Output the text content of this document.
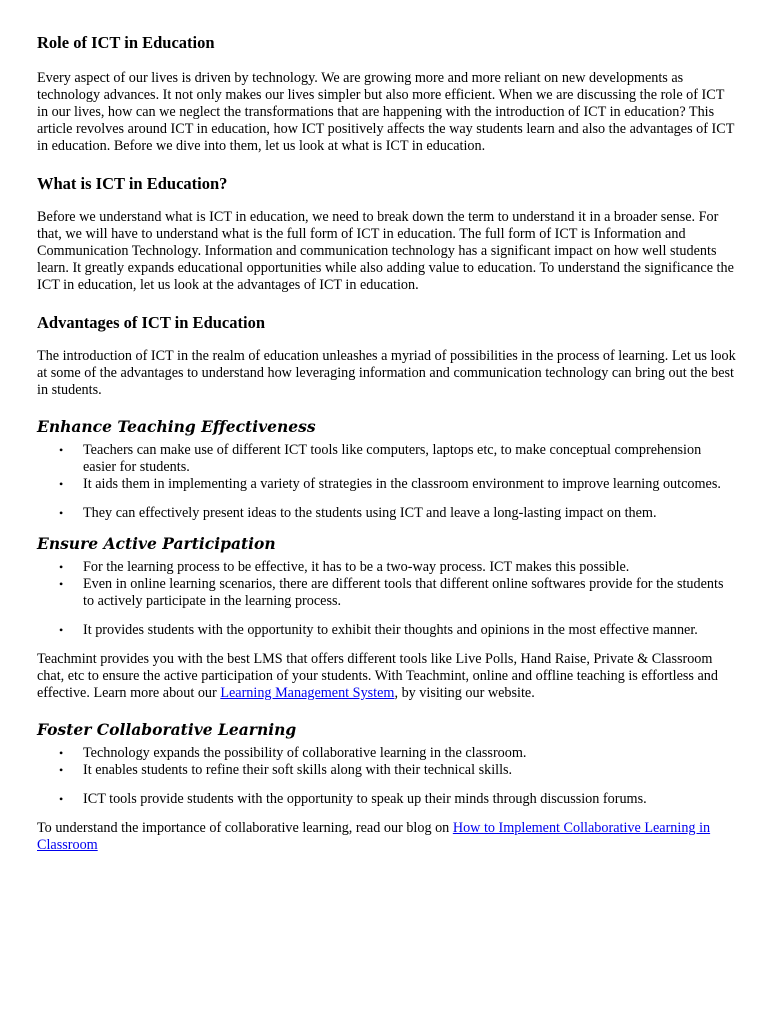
Role of ICT in Education

Every aspect of our lives is driven by technology. We are growing more and more reliant on new developments as technology advances. It not only makes our lives simpler but also more efficient. When we are discussing the role of ICT in our lives, how can we neglect the transformations that are happening with the introduction of ICT in education? This article revolves around ICT in education, how ICT positively affects the way students learn and also the advantages of ICT in education. Before we dive into them, let us look at what is ICT in education.

What is ICT in Education?

Before we understand what is ICT in education, we need to break down the term to understand it in a broader sense. For that, we will have to understand what is the full form of ICT in education. The full form of ICT is Information and Communication Technology. Information and communication technology has a significant impact on how well students learn. It greatly expands educational opportunities while also adding value to education. To understand the significance the ICT in education, let us look at the advantages of ICT in education.

Advantages of ICT in Education

The introduction of ICT in the realm of education unleashes a myriad of possibilities in the process of learning. Let us look at some of the advantages to understand how leveraging information and communication technology can bring out the best in students.

Enhance Teaching Effectiveness
• Teachers can make use of different ICT tools like computers, laptops etc, to make conceptual comprehension easier for students.
• It aids them in implementing a variety of strategies in the classroom environment to improve learning outcomes.
• They can effectively present ideas to the students using ICT and leave a long-lasting impact on them.
Ensure Active Participation
• For the learning process to be effective, it has to be a two-way process. ICT makes this possible.
• Even in online learning scenarios, there are different tools that different online softwares provide for the students to actively participate in the learning process.
• It provides students with the opportunity to exhibit their thoughts and opinions in the most effective manner.

Teachmint provides you with the best LMS that offers different tools like Live Polls, Hand Raise, Private & Classroom chat, etc to ensure the active participation of your students. With Teachmint, online and offline teaching is effortless and effective. Learn more about our Learning Management System, by visiting our website.

Foster Collaborative Learning
• Technology expands the possibility of collaborative learning in the classroom.
• It enables students to refine their soft skills along with their technical skills.
• ICT tools provide students with the opportunity to speak up their minds through discussion forums.

To understand the importance of collaborative learning, read our blog on How to Implement Collaborative Learning in Classroom
